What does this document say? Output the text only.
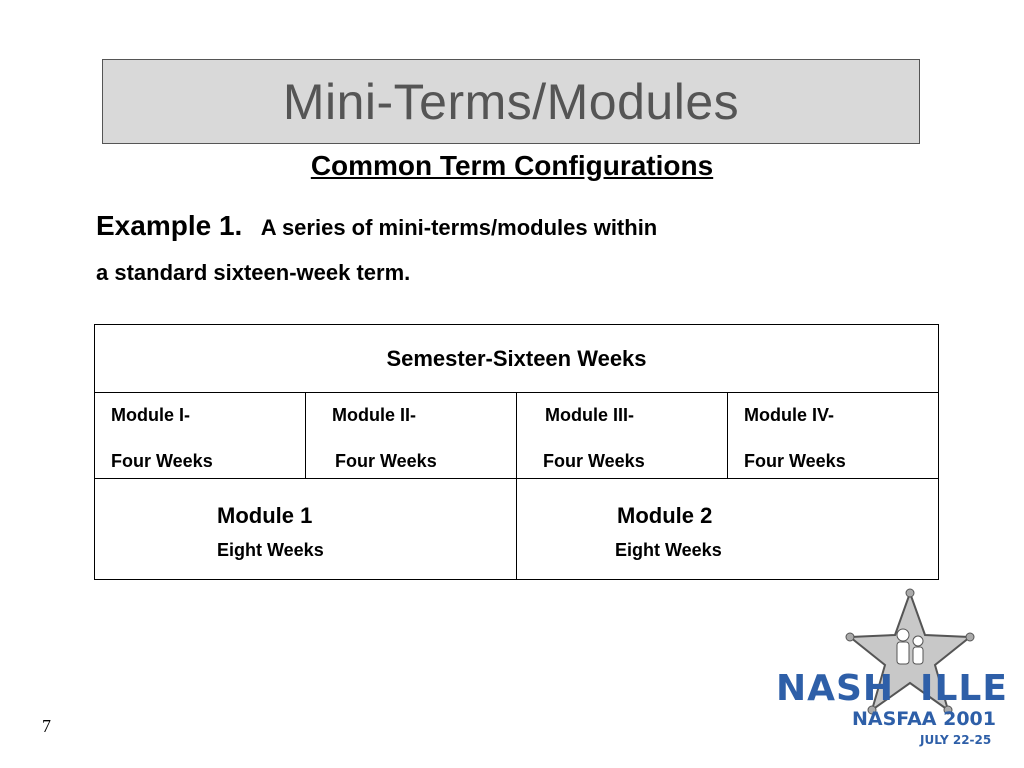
Mini-Terms/Modules
Common Term Configurations
Example 1. A series of mini-terms/modules within
a standard sixteen-week term.
Semester-Sixteen Weeks
Module I-
Four Weeks
Module II-
Four Weeks
Module III-
Four Weeks
Module IV-
Four Weeks
Module 1
Eight Weeks
Module 2
Eight Weeks
7
NASH ILLE
NASFAA 2001
JULY 22-25
